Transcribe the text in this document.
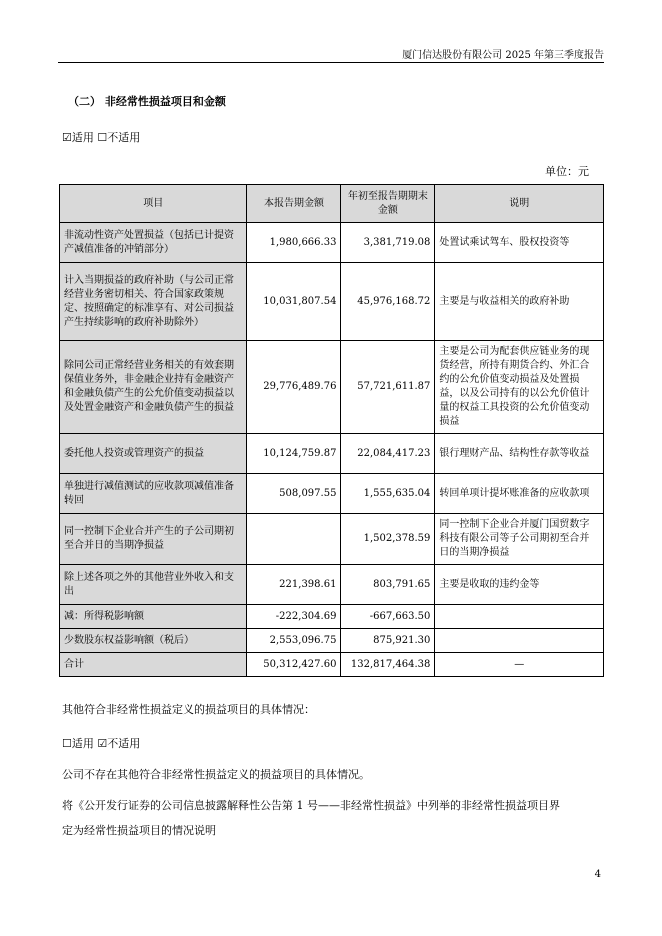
厦门信达股份有限公司 2025 年第三季度报告
（二） 非经常性损益项目和金额
☑适用 ☐不适用
单位：元
项目	本报告期金额	年初至报告期期末金额	说明
非流动性资产处置损益（包括已计提资产减值准备的冲销部分）	1,980,666.33	3,381,719.08	处置试乘试驾车、股权投资等
计入当期损益的政府补助（与公司正常经营业务密切相关、符合国家政策规定、按照确定的标准享有、对公司损益产生持续影响的政府补助除外）	10,031,807.54	45,976,168.72	主要是与收益相关的政府补助
除同公司正常经营业务相关的有效套期保值业务外，非金融企业持有金融资产和金融负债产生的公允价值变动损益以及处置金融资产和金融负债产生的损益	29,776,489.76	57,721,611.87	主要是公司为配套供应链业务的现货经营，所持有期货合约、外汇合约的公允价值变动损益及处置损益，以及公司持有的以公允价值计量的权益工具投资的公允价值变动损益
委托他人投资或管理资产的损益	10,124,759.87	22,084,417.23	银行理财产品、结构性存款等收益
单独进行减值测试的应收款项减值准备转回	508,097.55	1,555,635.04	转回单项计提坏账准备的应收款项
同一控制下企业合并产生的子公司期初至合并日的当期净损益		1,502,378.59	同一控制下企业合并厦门国贸数字科技有限公司等子公司期初至合并日的当期净损益
除上述各项之外的其他营业外收入和支出	221,398.61	803,791.65	主要是收取的违约金等
减：所得税影响额	-222,304.69	-667,663.50	
少数股东权益影响额（税后）	2,553,096.75	875,921.30	
合计	50,312,427.60	132,817,464.38	—
其他符合非经常性损益定义的损益项目的具体情况：
☐适用 ☑不适用
公司不存在其他符合非经常性损益定义的损益项目的具体情况。
将《公开发行证券的公司信息披露解释性公告第 1 号——非经常性损益》中列举的非经常性损益项目界
定为经常性损益项目的情况说明
4
